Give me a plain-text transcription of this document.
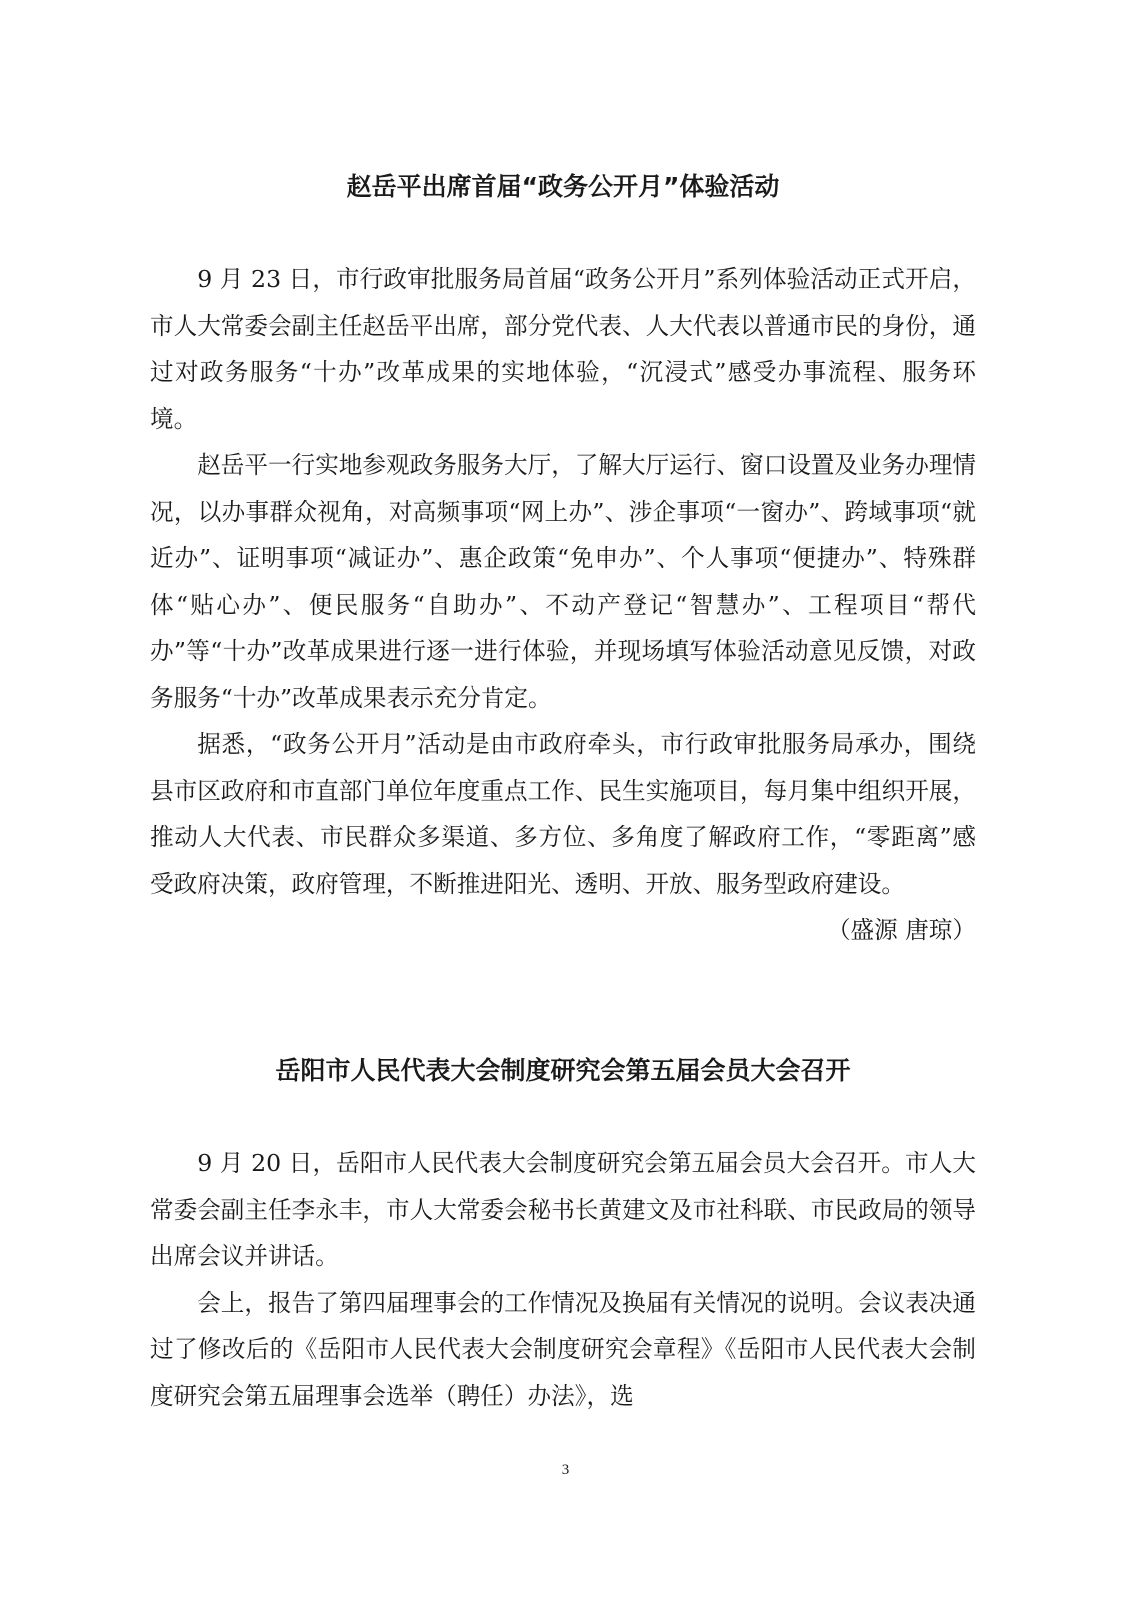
赵岳平出席首届“政务公开月”体验活动

9 月 23 日，市行政审批服务局首届“政务公开月”系列体验活动正式开启，市人大常委会副主任赵岳平出席，部分党代表、人大代表以普通市民的身份，通过对政务服务“十办”改革成果的实地体验，“沉浸式”感受办事流程、服务环境。

赵岳平一行实地参观政务服务大厅，了解大厅运行、窗口设置及业务办理情况，以办事群众视角，对高频事项“网上办”、涉企事项“一窗办”、跨域事项“就近办”、证明事项“减证办”、惠企政策“免申办”、个人事项“便捷办”、特殊群体“贴心办”、便民服务“自助办”、不动产登记“智慧办”、工程项目“帮代办”等“十办”改革成果进行逐一进行体验，并现场填写体验活动意见反馈，对政务服务“十办”改革成果表示充分肯定。

据悉，“政务公开月”活动是由市政府牵头，市行政审批服务局承办，围绕县市区政府和市直部门单位年度重点工作、民生实施项目，每月集中组织开展，推动人大代表、市民群众多渠道、多方位、多角度了解政府工作，“零距离”感受政府决策，政府管理，不断推进阳光、透明、开放、服务型政府建设。
（盛源 唐琼）

岳阳市人民代表大会制度研究会第五届会员大会召开

9 月 20 日，岳阳市人民代表大会制度研究会第五届会员大会召开。市人大常委会副主任李永丰，市人大常委会秘书长黄建文及市社科联、市民政局的领导出席会议并讲话。

会上，报告了第四届理事会的工作情况及换届有关情况的说明。会议表决通过了修改后的《岳阳市人民代表大会制度研究会章程》《岳阳市人民代表大会制度研究会第五届理事会选举（聘任）办法》，选

3
